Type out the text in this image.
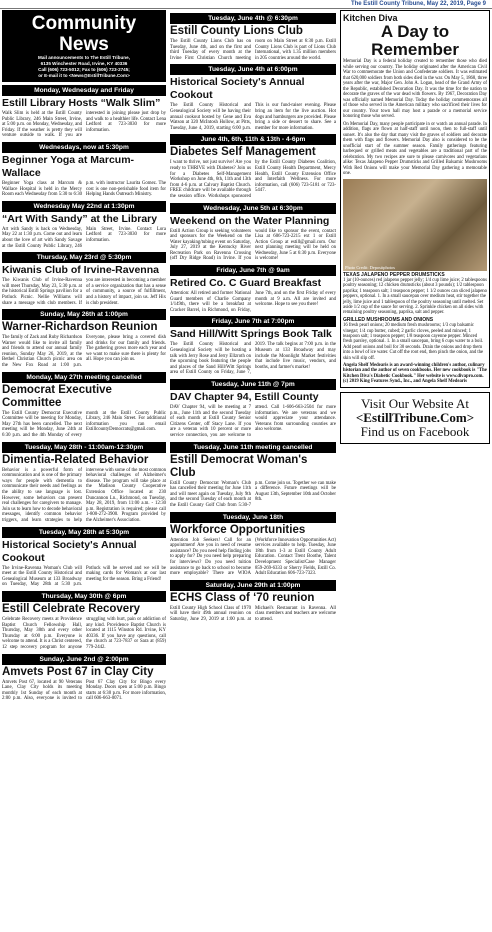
The Estill County Tribune, May 22, 2019, Page 9
Community News
Mail announcements to The Estill Tribune,
6135 Winchester Road, Irvine, KY 40336
Call (606) 723-5012; Fax to (606) 723-2745;
or E-mail it to <News@EstillTribune.Com>
Monday, Wednesday and Friday
Estill Library Hosts “Walk Slim”
Walk Slim is held at the Estill County Public Library, 246 Main Street, Irvine, at 5:00 p.m. on Monday, Wednesday, and Friday. If the weather is pretty they will venture outside to walk. If you are interested in joining please just drop by and walk to a healthier life. Contact Lena Ledford at 723-3030 for more information.
Wednesdays, now at 5:30pm
Beginner Yoga at Marcum-Wallace
Beginner Yoga class at Marcum & Wallace Hospital is held in the Mercy Room each Wednesday from 5:30 to 6:30 p.m. with instructor Laurita Gomez. The cost is one non-perishable food item for Helping Hands Outreach Ministry.
Wednesday May 22nd at 1:30pm
“Art With Sandy” at the Library
Art with Sandy is back on Wednesday, May 22 at 1:30 p.m. Come out and learn about the love of art with Sandy Savage at the Estill County Public Library, 246 Main Street, Irvine. Contact Lora Ledford at 723-3030 for more information.
Thursday, May 23rd @ 5:30pm
Kiwanis Club of Irvine-Ravenna
The Kiwanis Club of Irvine-Ravenna will meet Thursday, May 23, 5:30 p.m. at the historical Estill Springs pavilion for a Potluck Picnic. Nellie Williams will share a message with club members. If you are interested in becoming a member of a service organization that has a sense of community, a source of fulfillment, and a history of impact, join us. Jeff Hix is club president.
Sunday, May 26th at 1:00pm
Warner-Richardson Reunion
The family of Zack and Ruby Richardson Warner would like to invite all family and friends to attend our annual family reunion, Sunday May 26, 2019, at the Bethel Christian Church picnic area on the New Fox Road at 1:00 p.m. Everyone, please bring a covered dish and drinks for our family and friends. The gathering grows more each year and we want to make sure there is plenty for all. Hope you can join us.
Monday, May 27th meeting cancelled
Democrat Executive Committee
The Estill County Democrat Executive Committee will be meeting for Monday, May 27th has been cancelled. The next meeting will be Monday, June 24th at 6:30 p.m. and the 4th Monday of every month at the Estill County Public Library, 246 Main Street. For additional information you can email EstillcountyDemocrats@gmail.com.
Tuesday, May 28th - 11:00am-12:30pm
Dimentia-Related Behavior
Behavior is a powerful form of communication and is one of the primary ways for people with dementia to communicate their needs and feelings as the ability to use language is lost. However, some behaviors can present real challenges for caregivers to manage. Join us to learn how to decode behavioral messages, identify common behavior triggers, and learn strategies to help intervene with some of the most common behavioral challenges of Alzheimer's disease. The program will take place at the Madison County Cooperative Extension Office located at 230 Duncannon Ln., Richmond, on Tuesday, May 28, 2019, from 11:00 a.m. - 12:30 p.m. Registration is required; please call 1-800-272-3900. Program provided by the Alzheimer's Association.
Tuesday, May 28th at 5:30pm
Historical Society's Annual Cookout
The Irvine-Ravenna Woman's Club will meet at the Estill County Historical and Genealogical Museum at 133 Broadway on Tuesday, May 28th at 5:30 p.m. Potluck will be served and we will be making cards for Woman's at our last meeting for the season. Bring a Friend!
Thursday, May 30th @ 6pm
Estill Celebrate Recovery
Celebrate Recovery meets at Providence Baptist Church Fellowship Hall, Thursday, May 30th and every other Thursday at 6:00 p.m. Everyone is welcome to attend. It is a Christ centered, 12 step recovery program for anyone struggling with hurt, pain or addiction of any kind. Providence Baptist Church is located at 1115 Winston Rd. Irvine, KY 40336. If you have any questions, call the church at 723-7837 or Sara at (859) 779-2442.
Sunday, June 2nd @ 2:00pm
Amvets Post 67 in Clay City
Amvets Post 67, located at 90 Veterans Lane, Clay City holds its meeting monthly 1st Sunday of each month at 2:00 p.m. Also, everyone is invited to Post 67 Clay City for Bingo every Monday. Doors open at 5:00 p.m. Bingo starts at 6:30 p.m. For more information, call 606-663-0071.
Tuesday, June 4th @ 6:30pm
Estill County Lions Club
The Estill County Lions Club has on Tuesday, June 4th, and on the first and third Tuesday of every month at the Irvine First Christian Church meeting room on Main Street at 6:30 p.m. Estill County Lions Club is part of Lions Club International, with 1.35 million members in 205 countries around the world.
Tuesday, June 4th at 6:00pm
Historical Society's Annual Cookout
The Estill County Historical and Genealogical Society will be having their annual cookout hosted by Gene and Eva Watson at 320 McIntosh Hollow, at Pitts, Tuesday, June 4, 2019, starting 6:00 p.m. This is our fund-raiser evening. Please bring an item for the live auction. Hot dogs and hamburgers are provided. Please bring a side or dessert to share. See a member for more information.
June 4th, 6th, 11th & 13th - 4-6pm
Diabetes Self Management
I want to thrive, not just survive! Are you ready to THRIVE with Diabetes? Join us for a Diabetes Self-Management Workshop on June 4th, 6th, 11th and 13th from 4-6 p.m. at Calvary Baptist Church. FREE childcare will be available through the session office. Workshops sponsored by the Estill County Diabetes Coalition, Estill County Health Department, Mercy Health, Estill County Extension Office and Interfaith Wellness. For more information, call (606) 723-5181 or 723-5447.
Wednesday, June 5th at 6:30pm
Weekend on the Water Planning
Estill Action Group is seeking volunteers and sponsors for the Weekend on the Water kayaking/tubing event on Saturday, July 27, 2019 at the Kentucky River Recreation Park on Ravenna Crossing (off Dry Ridge Road) in Irvine. If you would like to sponsor the event, contact Lisa at 606-723-2215 ext 1 or Estill Action Group at estill@gmail.com. Our next planning meeting will be held on Wednesday, June 5 at 6:30 p.m. Everyone is welcome!
Friday, June 7th @ 9am
Retired Co. C Guard Breakfast
Attention: All retired and former National Guard members of Charlie Company 1/149th, there will be a breakfast at Cracker Barrel, in Richmond, on Friday, June 7th, and on the first Friday of every month at 9 a.m. All are invited and welcome. Hope to see you there!
Friday, June 7th at 7:00pm
Sand Hill/Witt Springs Book Talk
The Estill County Historical and Genealogical Society will be hosting a talk with Jerry Rose and Jerry Ellzroth on the upcoming book featuring the people and places of the Sand Hill/Witt Springs area of Estill County on Friday, June 7, 2019. The talk begins at 7:00 p.m. in the Museum at 133 Broadway and may include the Moonlight Market festivities that include live music, vendors, and booths, and farmer's market!
Tuesday, June 11th @ 7pm
DAV Chapter 94, Estill County
DAV Chapter 94, will be meeting at 7 p.m., June 11th and the second Tuesday of each month at Estill County Senior Citizens Center, off Stacy Lane. If you are a veteran with 10 percent or more service connection, you are welcome to attend. Call 1-606-663-2504 for more information. We are veterans and we would appreciate your attendance. Veterans from surrounding counties are also welcome.
Tuesday, June 11th meeting cancelled
Estill Democrat Woman's Club
Estill County Democrat Woman's Club has cancelled their meeting for June 11th and will meet again on Tuesday, July 9th and the second Tuesday of each month at the Estill County Golf Club from 5:30-7 p.m. Come join us. Together we can make a difference. Future meetings will be August 13th, September 10th and October 8th.
Tuesday, June 18th
Workforce Opportunities
Attention Job Seekers! Call for an appointment! Are you in need of resume assistance? Do you need help finding jobs to apply for? Do you need help preparing for interviews? Do you need tuition assistance to go back to school to become more employable? There are WIOA (Workforce Innovation Opportunities Act) services available to help. Tuesday, June 18th from 1-3 at Estill County Adult Education. Contact Trent Boothe, Talent Development Specialist/Case Manager 859-269-6333 or Sherry Fields, Estill Co. Adult Education 606-723-7323.
Saturday, June 29th at 1:00pm
ECHS Class of ‘70 reunion
Estill County High School Class of 1970 will have their 49th annual reunion on Saturday, June 29, 2019 at 1:00 p.m. at Michael's Restaurant in Ravenna. All class members and teachers are welcome to attend.
Kitchen Diva
A Day to Remember
Memorial Day is a federal holiday created to remember those who died while serving our country. The holiday originated after the American Civil War to commemorate the Union and Confederate soldiers. It was estimated that 620,000 soldiers from both sides died in the war. On May 5, 1868, three years after the war, Major Gen. John A. Logan, head of the Grand Army of the Republic, established Decoration Day. It was the time for the nation to decorate the graves of the war dead with flowers. By 1967, Decoration Day was officially named Memorial Day. Today the holiday commemorates all of those who served in the American military who sacrificed their lives for our country. Your town hall may host a parade or a memorial service honoring those who served.
On Memorial Day, many people participate in or watch an annual parade. In addition, flags are flown at half-staff until noon, then to full-staff until sunset. It's also the day that many visit the graves of soldiers and decorate them with flags and flowers. Memorial Day also is considered to be the unofficial start of the summer season. Family gatherings featuring barbequed or grilled meats and vegetables are a traditional part of the celebration. My two recipes are sure to please carnivores and vegetarians alike: Texas Jalapeno Pepper Drumsticks and Grilled Balsamic Mushrooms With Red Onions will make your Memorial Day gathering a memorable one.
Photo Credit: Depositphotos
TEXAS JALAPENO PEPPER DRUMSTICKS
1 jar (10-ounces) red jalapeno pepper jelly; 1/4 cup lime juice; 2 tablespoons poultry seasoning; 12 chicken drumsticks (about 3 pounds); 1/2 tablespoon paprika; 1 teaspoon salt; 1 teaspoon pepper; 1 1/2 ounces can sliced jalapeno peppers, optional. 1. In a small saucepan over medium heat, stir together the jelly, lime juice and 1 tablespoon of the poultry seasoning until melted. Set aside 1/2 cup of the sauce for serving. 2. Sprinkle chicken on all sides with remaining poultry seasoning, paprika, salt and pepper.
GRILLED MUSHROOMS AND ONIONS
16 fresh pearl onions; 20 medium fresh mushrooms; 1/3 cup balsamic vinegar; 1/4 cup butter, cubed; 2 garlic cloves, peeled and minced; 1 teaspoon salt; 1 teaspoon pepper; 1/8 teaspoon cayenne pepper. Minced fresh parsley, optional. 1. In a small saucepan, bring 6 cups water to a boil. Add pearl onions and boil for 30 seconds. Drain the onions and drop them into a bowl of ice water. Cut off the root end, then pinch the onion, and the skin will slip off.
Angela Shelf Medearis is an award-winning children's author, culinary historian and the author of seven cookbooks. Her new cookbook is "The Kitchen Diva's Diabetic Cookbook." Her website is www.divapro.com.
(c) 2019 King Features Synd., Inc., and Angela Shelf Medearis
Visit Our Website At
<EstillTribune.Com>
Find us on Facebook
